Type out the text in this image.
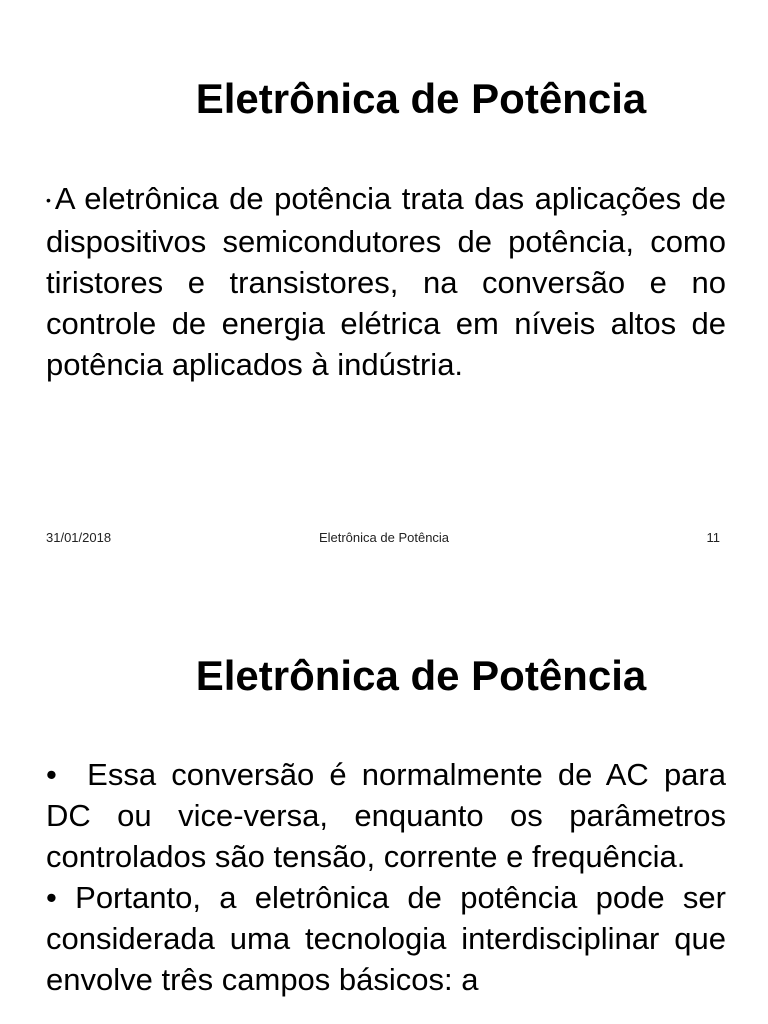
Eletrônica de Potência

• A eletrônica de potência trata das aplicações de dispositivos semicondutores de potência, como tiristores e transistores, na conversão e no controle de energia elétrica em níveis altos de potência aplicados à indústria.

31/01/2018	Eletrônica de Potência	11
Eletrônica de Potência

•  Essa conversão é normalmente de AC para DC ou vice-versa, enquanto os parâmetros controlados são tensão, corrente e frequência.

• Portanto, a eletrônica de potência pode ser considerada uma tecnologia interdisciplinar que envolve três campos básicos: a
